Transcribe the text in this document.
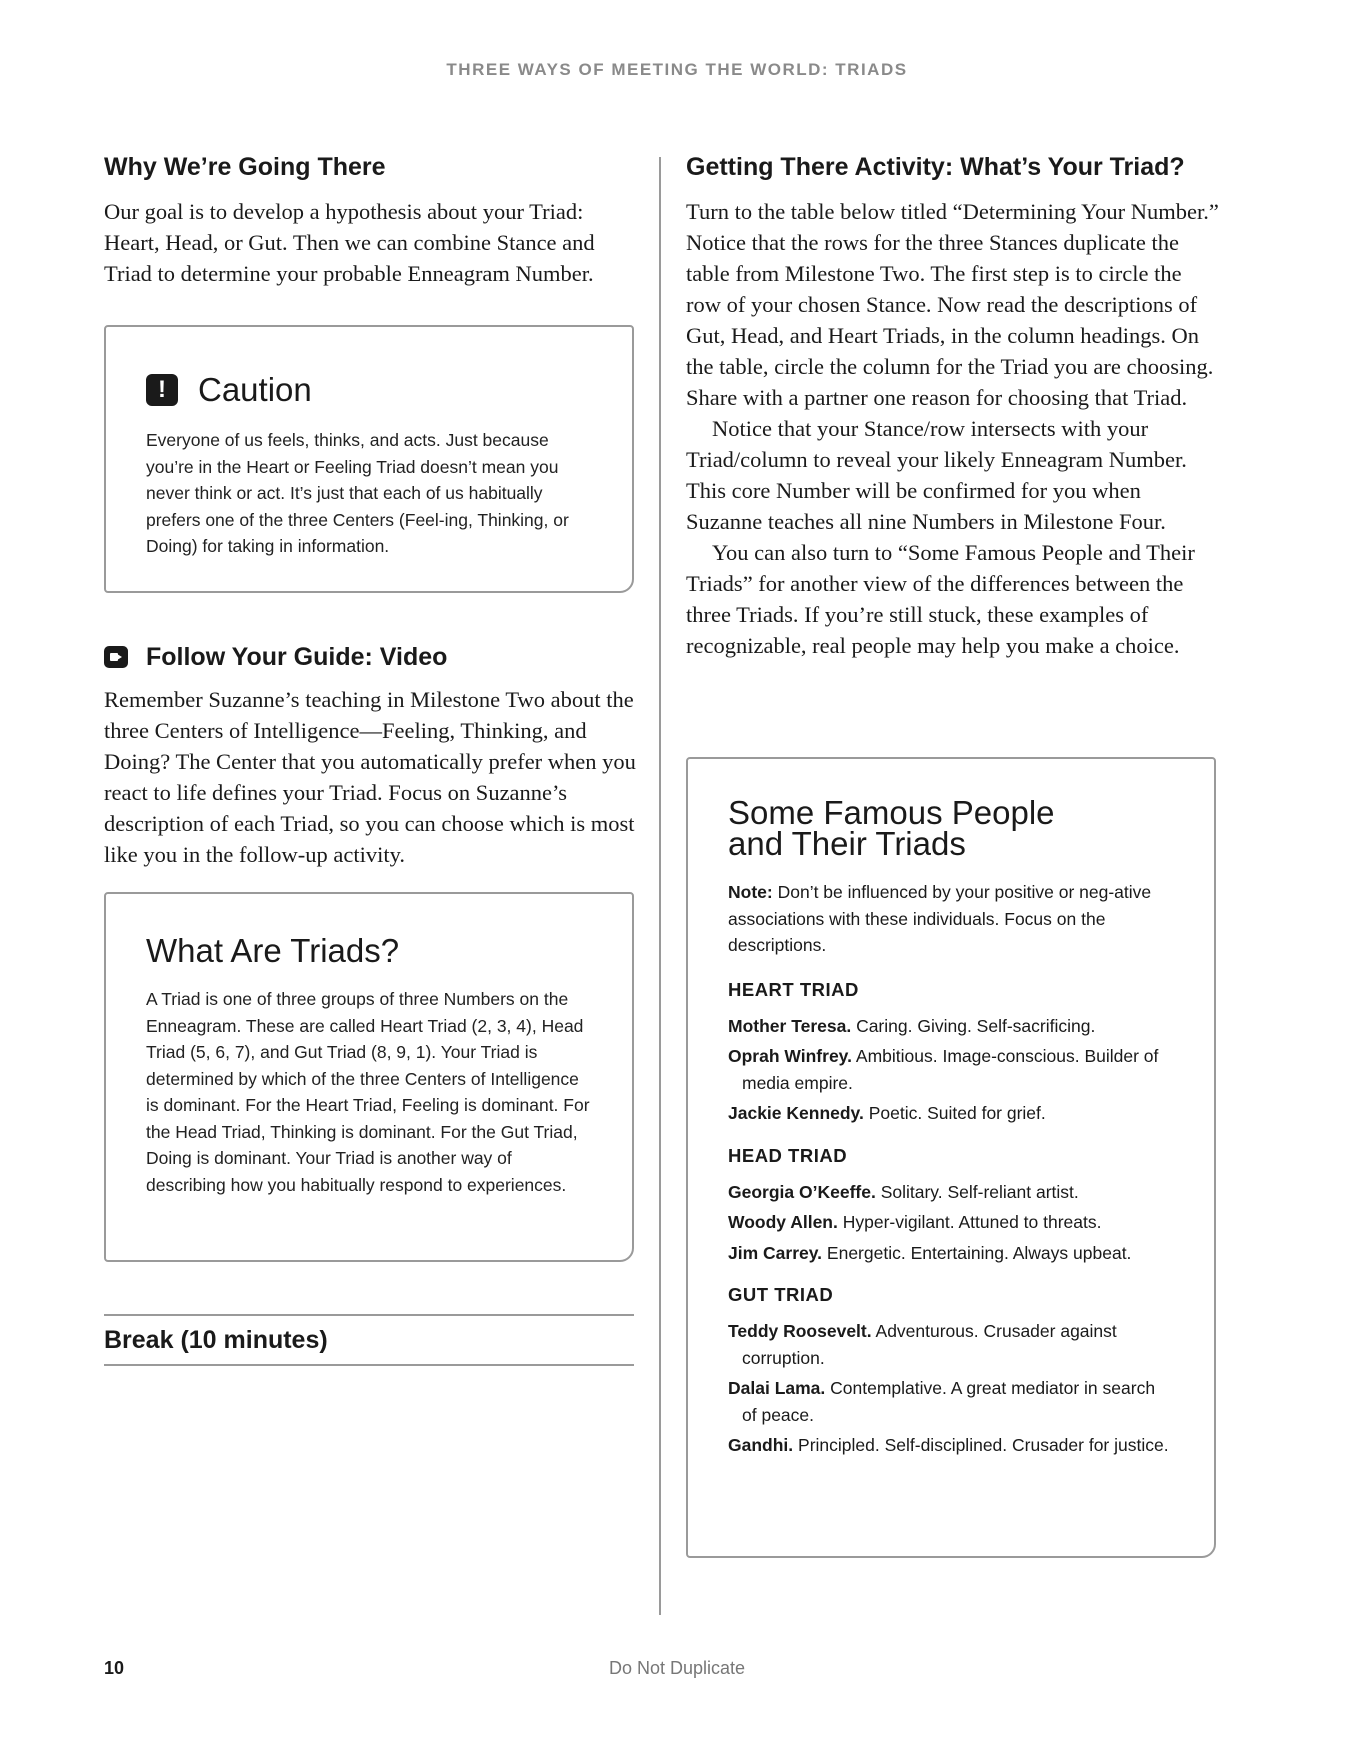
THREE WAYS OF MEETING THE WORLD: TRIADS
Why We’re Going There

Our goal is to develop a hypothesis about your Triad: Heart, Head, or Gut. Then we can combine Stance and Triad to determine your probable Enneagram Number.

! Caution

Everyone of us feels, thinks, and acts. Just because you’re in the Heart or Feeling Triad doesn’t mean you never think or act. It’s just that each of us habitually prefers one of the three Centers (Feel-ing, Thinking, or Doing) for taking in information.

Follow Your Guide: Video

Remember Suzanne’s teaching in Milestone Two about the three Centers of Intelligence—Feeling, Thinking, and Doing? The Center that you automatically prefer when you react to life defines your Triad. Focus on Suzanne’s description of each Triad, so you can choose which is most like you in the follow-up activity.

What Are Triads?

A Triad is one of three groups of three Numbers on the Enneagram. These are called Heart Triad (2, 3, 4), Head Triad (5, 6, 7), and Gut Triad (8, 9, 1). Your Triad is determined by which of the three Centers of Intelligence is dominant. For the Heart Triad, Feeling is dominant. For the Head Triad, Thinking is dominant. For the Gut Triad, Doing is dominant. Your Triad is another way of describing how you habitually respond to experiences.

Break (10 minutes)
Getting There Activity: What’s Your Triad?

Turn to the table below titled “Determining Your Number.” Notice that the rows for the three Stances duplicate the table from Milestone Two. The first step is to circle the row of your chosen Stance. Now read the descriptions of Gut, Head, and Heart Triads, in the column headings. On the table, circle the column for the Triad you are choosing. Share with a partner one reason for choosing that Triad.

Notice that your Stance/row intersects with your Triad/column to reveal your likely Enneagram Number. This core Number will be confirmed for you when Suzanne teaches all nine Numbers in Milestone Four.

You can also turn to “Some Famous People and Their Triads” for another view of the differences between the three Triads. If you’re still stuck, these examples of recognizable, real people may help you make a choice.

Some Famous People
and Their Triads

Note: Don’t be influenced by your positive or neg-ative associations with these individuals. Focus on the descriptions.

HEART TRIAD

Mother Teresa. Caring. Giving. Self-sacrificing.

Oprah Winfrey. Ambitious. Image-conscious. Builder of media empire.

Jackie Kennedy. Poetic. Suited for grief.

HEAD TRIAD

Georgia O’Keeffe. Solitary. Self-reliant artist.

Woody Allen. Hyper-vigilant. Attuned to threats.

Jim Carrey. Energetic. Entertaining. Always upbeat.

GUT TRIAD

Teddy Roosevelt. Adventurous. Crusader against corruption.

Dalai Lama. Contemplative. A great mediator in search of peace.

Gandhi. Principled. Self-disciplined. Crusader for justice.

10	Do Not Duplicate
